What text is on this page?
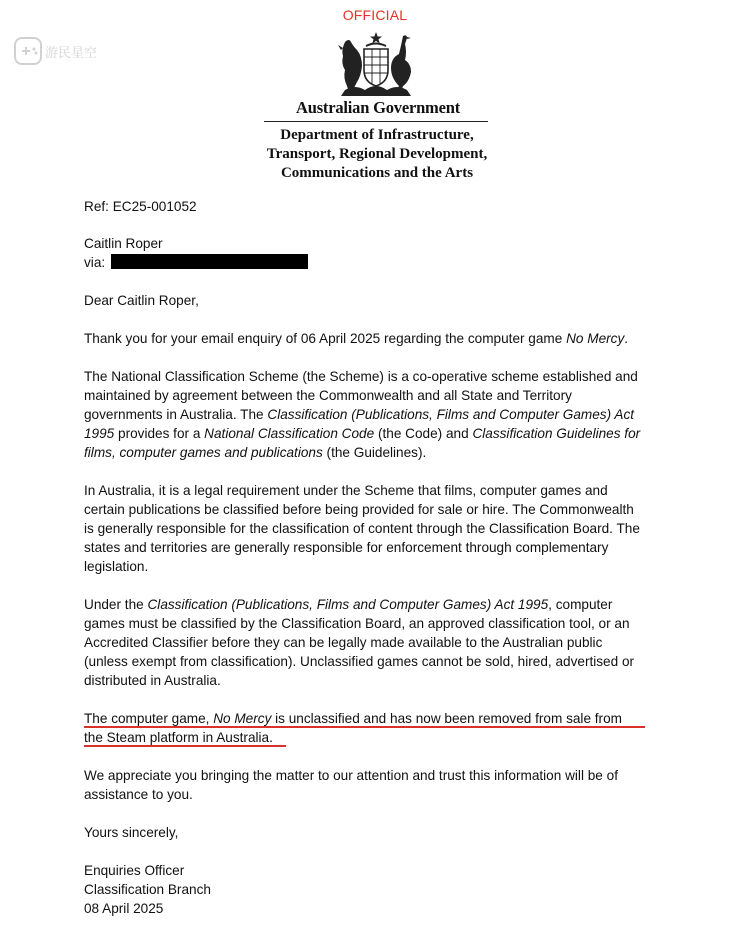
游民星空
OFFICIAL
Australian Government
Department of Infrastructure,
Transport, Regional Development,
Communications and the Arts
Ref: EC25-001052
Caitlin Roper
via:
Dear Caitlin Roper,
Thank you for your email enquiry of 06 April 2025 regarding the computer game No Mercy.
The National Classification Scheme (the Scheme) is a co-operative scheme established and
maintained by agreement between the Commonwealth and all State and Territory
governments in Australia. The Classification (Publications, Films and Computer Games) Act
1995 provides for a National Classification Code (the Code) and Classification Guidelines for
films, computer games and publications (the Guidelines).
In Australia, it is a legal requirement under the Scheme that films, computer games and
certain publications be classified before being provided for sale or hire. The Commonwealth
is generally responsible for the classification of content through the Classification Board. The
states and territories are generally responsible for enforcement through complementary
legislation.
Under the Classification (Publications, Films and Computer Games) Act 1995, computer
games must be classified by the Classification Board, an approved classification tool, or an
Accredited Classifier before they can be legally made available to the Australian public
(unless exempt from classification). Unclassified games cannot be sold, hired, advertised or
distributed in Australia.
The computer game, No Mercy is unclassified and has now been removed from sale from
the Steam platform in Australia.
We appreciate you bringing the matter to our attention and trust this information will be of
assistance to you.
Yours sincerely,
Enquiries Officer
Classification Branch
08 April 2025
